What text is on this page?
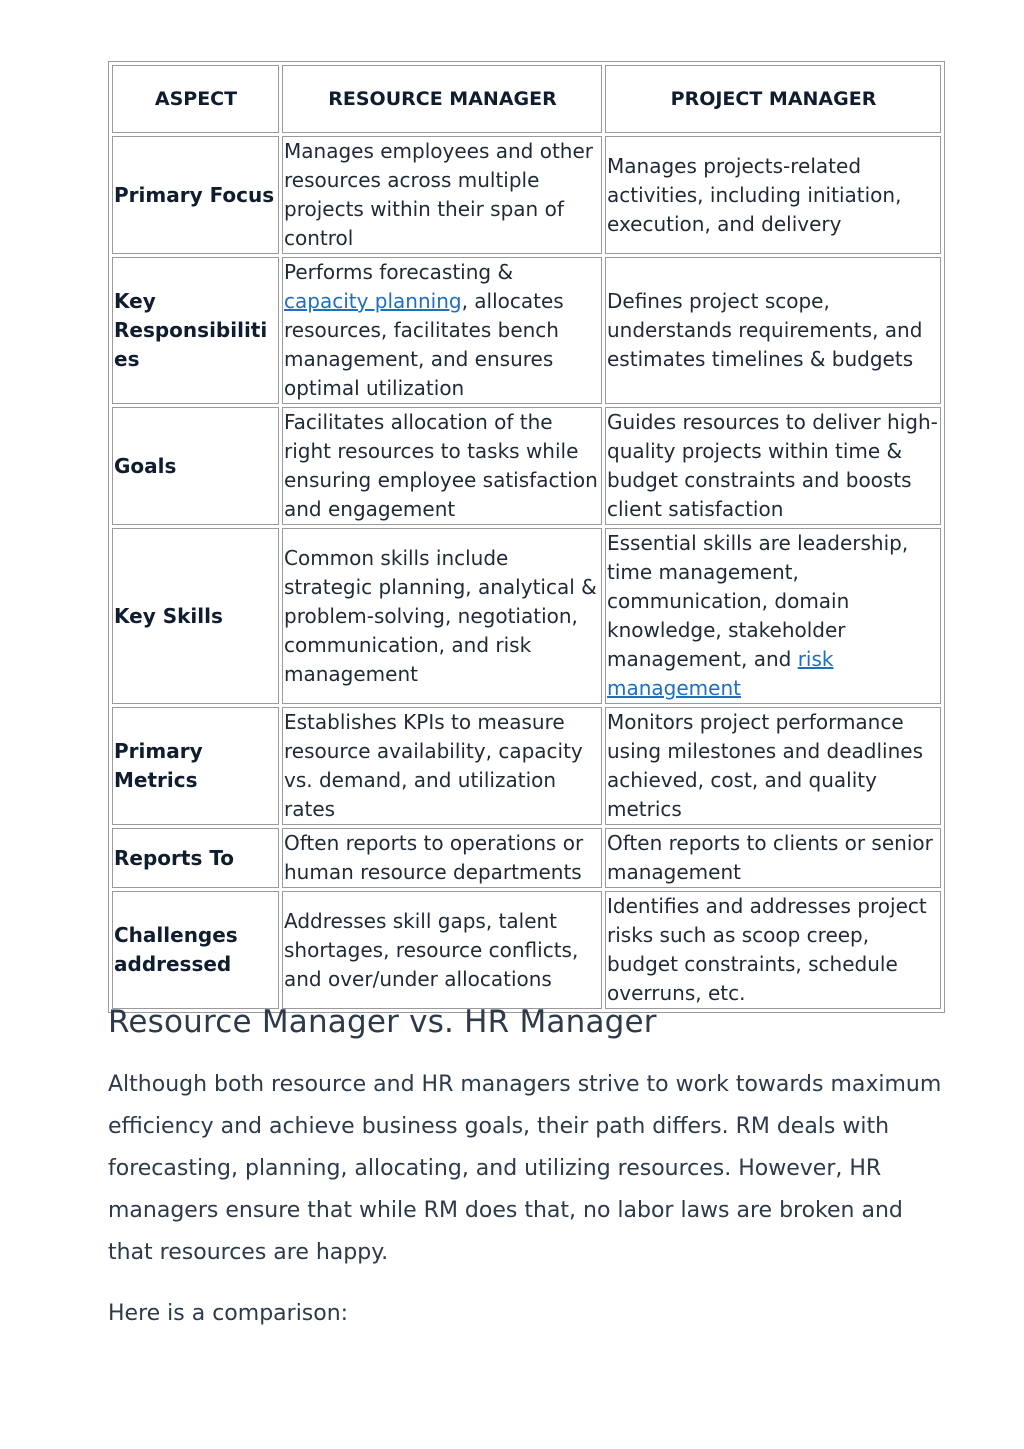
ASPECT	RESOURCE MANAGER	PROJECT MANAGER
Primary Focus	Manages employees and other resources across multiple projects within their span of control	Manages projects-related activities, including initiation, execution, and delivery
Key Responsibilities	Performs forecasting & capacity planning, allocates resources, facilitates bench management, and ensures optimal utilization	Defines project scope, understands requirements, and estimates timelines & budgets
Goals	Facilitates allocation of the right resources to tasks while ensuring employee satisfaction and engagement	Guides resources to deliver high-quality projects within time & budget constraints and boosts client satisfaction
Key Skills	Common skills include strategic planning, analytical & problem-solving, negotiation, communication, and risk management	Essential skills are leadership, time management, communication, domain knowledge, stakeholder management, and risk management
Primary Metrics	Establishes KPIs to measure resource availability, capacity vs. demand, and utilization rates	Monitors project performance using milestones and deadlines achieved, cost, and quality metrics
Reports To	Often reports to operations or human resource departments	Often reports to clients or senior management
Challenges addressed	Addresses skill gaps, talent shortages, resource conflicts, and over/under allocations	Identifies and addresses project risks such as scoop creep, budget constraints, schedule overruns, etc.
Resource Manager vs. HR Manager

Although both resource and HR managers strive to work towards maximum efficiency and achieve business goals, their path differs. RM deals with forecasting, planning, allocating, and utilizing resources. However, HR managers ensure that while RM does that, no labor laws are broken and that resources are happy.

Here is a comparison:
